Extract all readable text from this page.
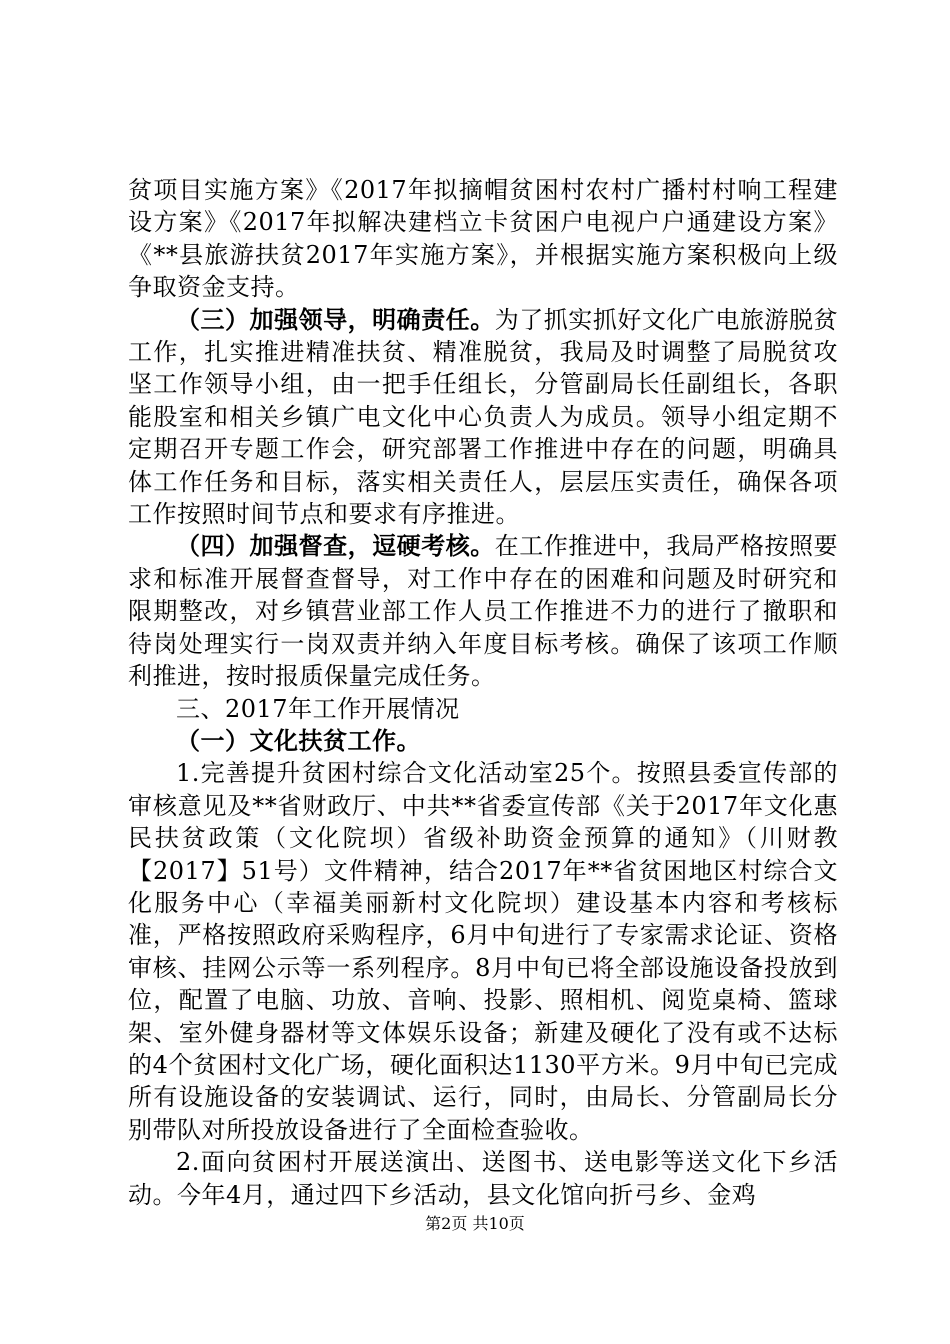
贫项目实施方案》《2017年拟摘帽贫困村农村广播村村响工程建设方案》《2017年拟解决建档立卡贫困户电视户户通建设方案》《**县旅游扶贫2017年实施方案》，并根据实施方案积极向上级争取资金支持。

（三）加强领导，明确责任。为了抓实抓好文化广电旅游脱贫工作，扎实推进精准扶贫、精准脱贫，我局及时调整了局脱贫攻坚工作领导小组，由一把手任组长，分管副局长任副组长，各职能股室和相关乡镇广电文化中心负责人为成员。领导小组定期不定期召开专题工作会，研究部署工作推进中存在的问题，明确具体工作任务和目标，落实相关责任人，层层压实责任，确保各项工作按照时间节点和要求有序推进。

（四）加强督查，逗硬考核。在工作推进中，我局严格按照要求和标准开展督查督导，对工作中存在的困难和问题及时研究和限期整改，对乡镇营业部工作人员工作推进不力的进行了撤职和待岗处理实行一岗双责并纳入年度目标考核。确保了该项工作顺利推进，按时报质保量完成任务。

三、2017年工作开展情况

（一）文化扶贫工作。

1.完善提升贫困村综合文化活动室25个。按照县委宣传部的审核意见及**省财政厅、中共**省委宣传部《关于2017年文化惠民扶贫政策（文化院坝）省级补助资金预算的通知》（川财教【2017】51号）文件精神，结合2017年**省贫困地区村综合文化服务中心（幸福美丽新村文化院坝）建设基本内容和考核标准，严格按照政府采购程序，6月中旬进行了专家需求论证、资格审核、挂网公示等一系列程序。8月中旬已将全部设施设备投放到位，配置了电脑、功放、音响、投影、照相机、阅览桌椅、篮球架、室外健身器材等文体娱乐设备；新建及硬化了没有或不达标的4个贫困村文化广场，硬化面积达1130平方米。9月中旬已完成所有设施设备的安装调试、运行，同时，由局长、分管副局长分别带队对所投放设备进行了全面检查验收。

2.面向贫困村开展送演出、送图书、送电影等送文化下乡活动。今年4月，通过四下乡活动，县文化馆向折弓乡、金鸡

第2页 共10页
